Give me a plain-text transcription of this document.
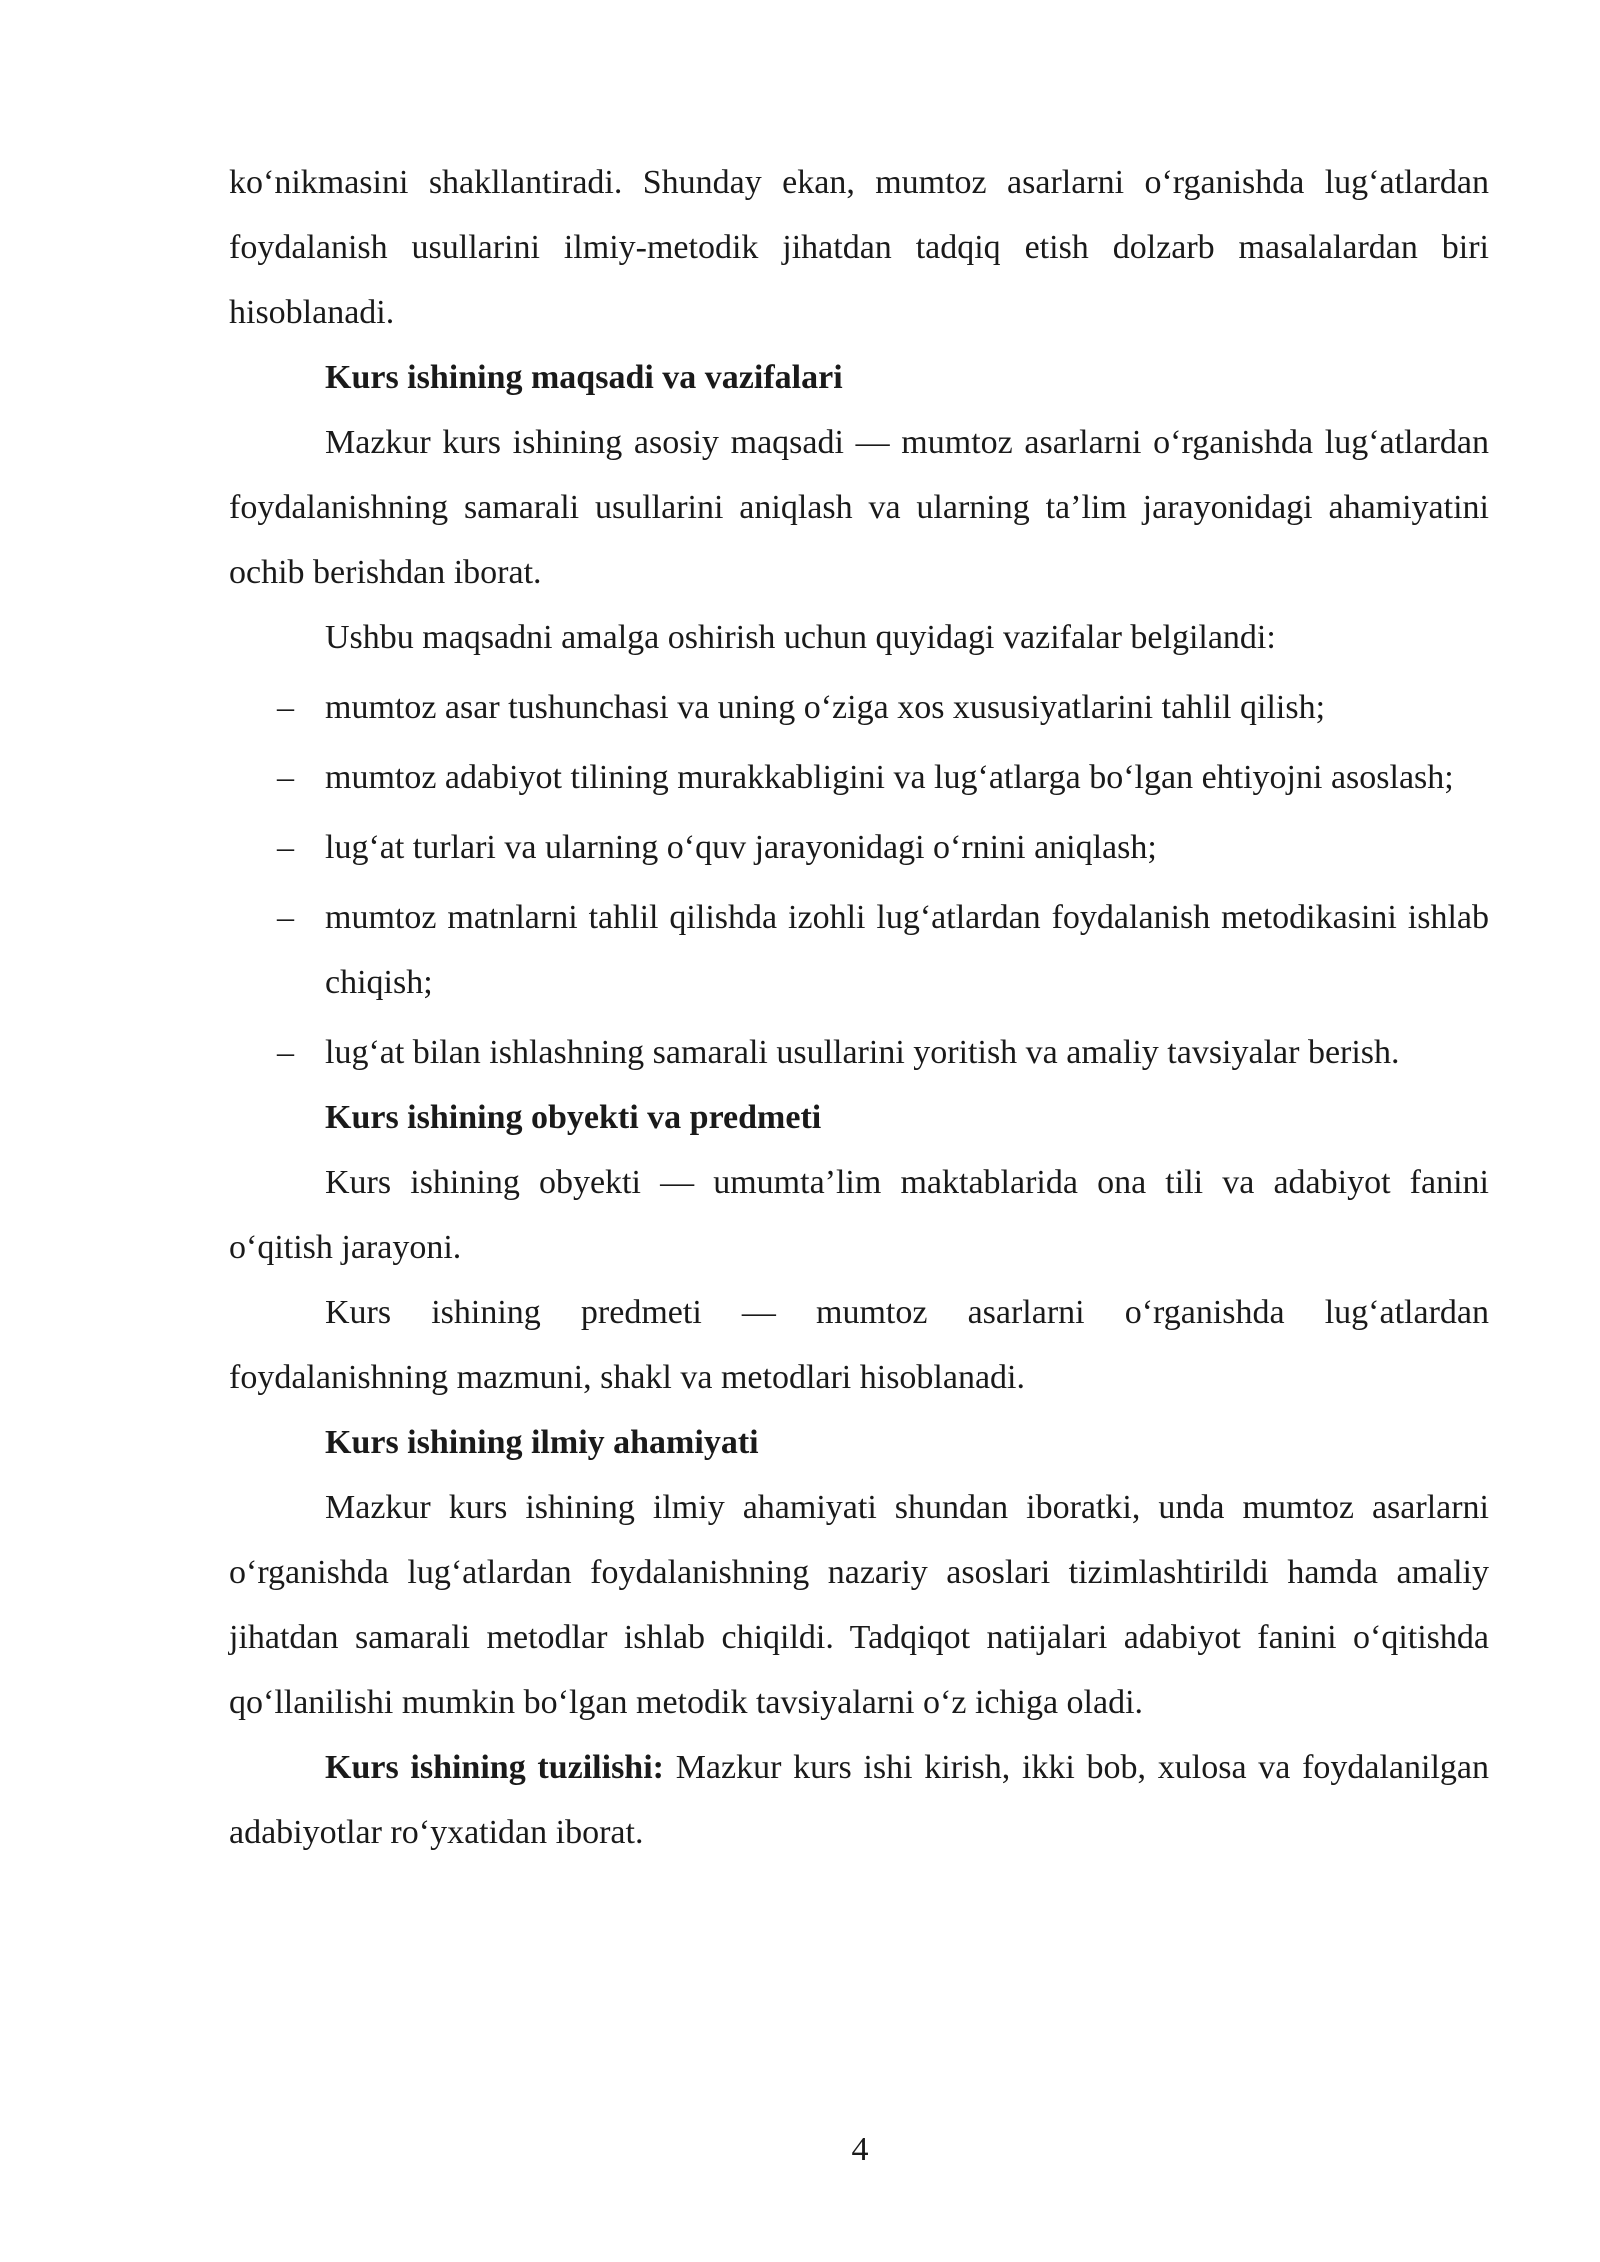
ko‘nikmasini shakllantiradi. Shunday ekan, mumtoz asarlarni o‘rganishda lug‘atlardan foydalanish usullarini ilmiy-metodik jihatdan tadqiq etish dolzarb masalalardan biri hisoblanadi.

Kurs ishining maqsadi va vazifalari

Mazkur kurs ishining asosiy maqsadi — mumtoz asarlarni o‘rganishda lug‘atlardan foydalanishning samarali usullarini aniqlash va ularning ta’lim jarayonidagi ahamiyatini ochib berishdan iborat.

Ushbu maqsadni amalga oshirish uchun quyidagi vazifalar belgilandi:

– mumtoz asar tushunchasi va uning o‘ziga xos xususiyatlarini tahlil qilish;
– mumtoz adabiyot tilining murakkabligini va lug‘atlarga bo‘lgan ehtiyojni asoslash;
– lug‘at turlari va ularning o‘quv jarayonidagi o‘rnini aniqlash;
– mumtoz matnlarni tahlil qilishda izohli lug‘atlardan foydalanish metodikasini ishlab chiqish;
– lug‘at bilan ishlashning samarali usullarini yoritish va amaliy tavsiyalar berish.

Kurs ishining obyekti va predmeti

Kurs ishining obyekti — umumta’lim maktablarida ona tili va adabiyot fanini o‘qitish jarayoni.

Kurs ishining predmeti — mumtoz asarlarni o‘rganishda lug‘atlardan foydalanishning mazmuni, shakl va metodlari hisoblanadi.

Kurs ishining ilmiy ahamiyati

Mazkur kurs ishining ilmiy ahamiyati shundan iboratki, unda mumtoz asarlarni o‘rganishda lug‘atlardan foydalanishning nazariy asoslari tizimlashtirildi hamda amaliy jihatdan samarali metodlar ishlab chiqildi. Tadqiqot natijalari adabiyot fanini o‘qitishda qo‘llanilishi mumkin bo‘lgan metodik tavsiyalarni o‘z ichiga oladi.

Kurs ishining tuzilishi: Mazkur kurs ishi kirish, ikki bob, xulosa va foydalanilgan adabiyotlar ro‘yxatidan iborat.

4
